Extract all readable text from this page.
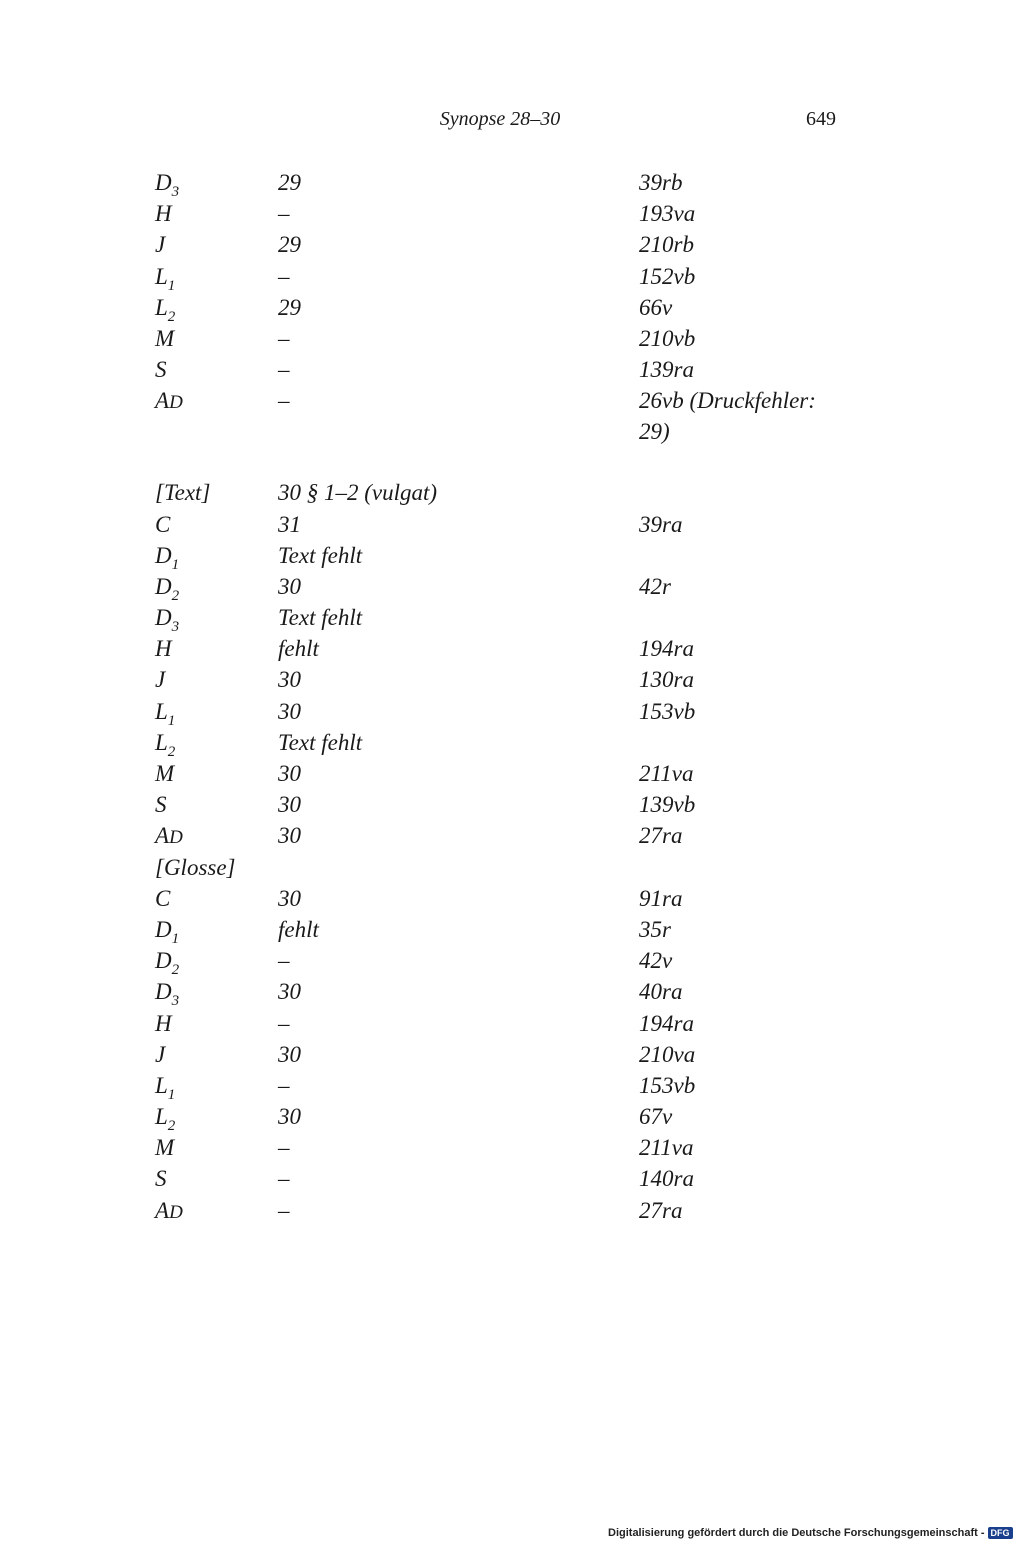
Synopse 28–30	649
$D_3$	29	39rb
H	–	193va
J	29	210rb
$L_1$	–	152vb
$L_2$	29	66v
M	–	210vb
S	–	139ra
AD	–	26vb (Druckfehler: 29)
[Text]	30 § 1–2 (vulgat)
C	31	39ra
$D_1$	Text fehlt
$D_2$	30	42r
$D_3$	Text fehlt
H	fehlt	194ra
J	30	130ra
$L_1$	30	153vb
$L_2$	Text fehlt
M	30	211va
S	30	139vb
AD	30	27ra
[Glosse]
C	30	91ra
$D_1$	fehlt	35r
$D_2$	–	42v
$D_3$	30	40ra
H	–	194ra
J	30	210va
$L_1$	–	153vb
$L_2$	30	67v
M	–	211va
S	–	140ra
AD	–	27ra
Digitalisierung gefördert durch die Deutsche Forschungsgemeinschaft - DFG
